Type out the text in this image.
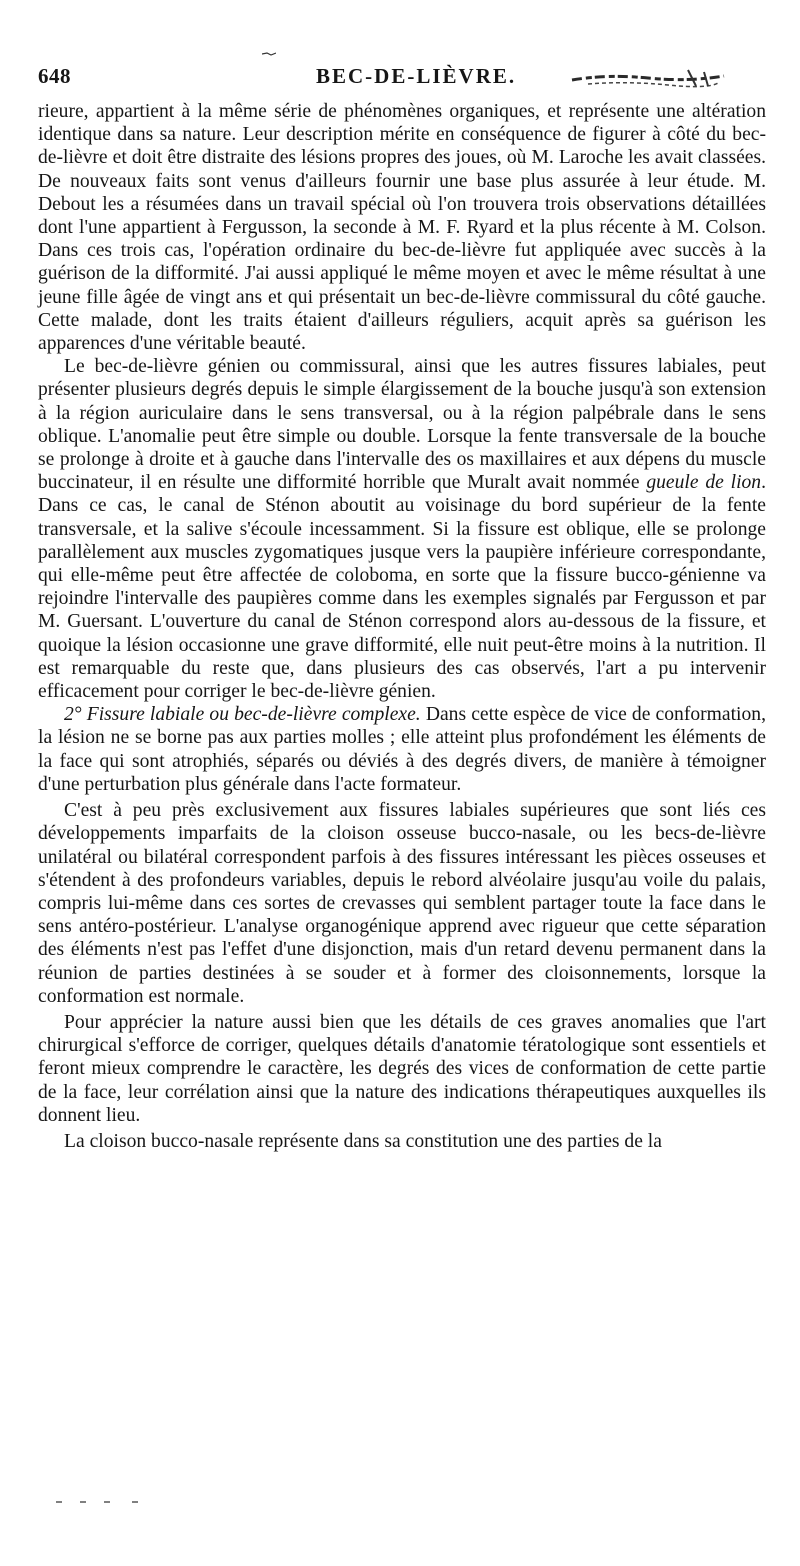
648	BEC-DE-LIÈVRE.

rieure, appartient à la même série de phénomènes organiques, et représente une altération identique dans sa nature. Leur description mérite en conséquence de figurer à côté du bec-de-lièvre et doit être distraite des lésions propres des joues, où M. Laroche les avait classées. De nouveaux faits sont venus d'ailleurs fournir une base plus assurée à leur étude. M. Debout les a résumées dans un travail spécial où l'on trouvera trois observations détaillées dont l'une appartient à Fergusson, la seconde à M. F. Ryard et la plus récente à M. Colson. Dans ces trois cas, l'opération ordinaire du bec-de-lièvre fut appliquée avec succès à la guérison de la difformité. J'ai aussi appliqué le même moyen et avec le même résultat à une jeune fille âgée de vingt ans et qui présentait un bec-de-lièvre commissural du côté gauche. Cette malade, dont les traits étaient d'ailleurs réguliers, acquit après sa guérison les apparences d'une véritable beauté.

Le bec-de-lièvre génien ou commissural, ainsi que les autres fissures labiales, peut présenter plusieurs degrés depuis le simple élargissement de la bouche jusqu'à son extension à la région auriculaire dans le sens transversal, ou à la région palpébrale dans le sens oblique. L'anomalie peut être simple ou double. Lorsque la fente transversale de la bouche se prolonge à droite et à gauche dans l'intervalle des os maxillaires et aux dépens du muscle buccinateur, il en résulte une difformité horrible que Muralt avait nommée gueule de lion. Dans ce cas, le canal de Sténon aboutit au voisinage du bord supérieur de la fente transversale, et la salive s'écoule incessamment. Si la fissure est oblique, elle se prolonge parallèlement aux muscles zygomatiques jusque vers la paupière inférieure correspondante, qui elle-même peut être affectée de coloboma, en sorte que la fissure bucco-génienne va rejoindre l'intervalle des paupières comme dans les exemples signalés par Fergusson et par M. Guersant. L'ouverture du canal de Sténon correspond alors au-dessous de la fissure, et quoique la lésion occasionne une grave difformité, elle nuit peut-être moins à la nutrition. Il est remarquable du reste que, dans plusieurs des cas observés, l'art a pu intervenir efficacement pour corriger le bec-de-lièvre génien.

2° Fissure labiale ou bec-de-lièvre complexe. Dans cette espèce de vice de conformation, la lésion ne se borne pas aux parties molles ; elle atteint plus profondément les éléments de la face qui sont atrophiés, séparés ou déviés à des degrés divers, de manière à témoigner d'une perturbation plus générale dans l'acte formateur.

C'est à peu près exclusivement aux fissures labiales supérieures que sont liés ces développements imparfaits de la cloison osseuse bucco-nasale, ou les becs-de-lièvre unilatéral ou bilatéral correspondent parfois à des fissures intéressant les pièces osseuses et s'étendent à des profondeurs variables, depuis le rebord alvéolaire jusqu'au voile du palais, compris lui-même dans ces sortes de crevasses qui semblent partager toute la face dans le sens antéro-postérieur. L'analyse organogénique apprend avec rigueur que cette séparation des éléments n'est pas l'effet d'une disjonction, mais d'un retard devenu permanent dans la réunion de parties destinées à se souder et à former des cloisonnements, lorsque la conformation est normale.

Pour apprécier la nature aussi bien que les détails de ces graves anomalies que l'art chirurgical s'efforce de corriger, quelques détails d'anatomie tératologique sont essentiels et feront mieux comprendre le caractère, les degrés des vices de conformation de cette partie de la face, leur corrélation ainsi que la nature des indications thérapeutiques auxquelles ils donnent lieu.

La cloison bucco-nasale représente dans sa constitution une des parties de la
